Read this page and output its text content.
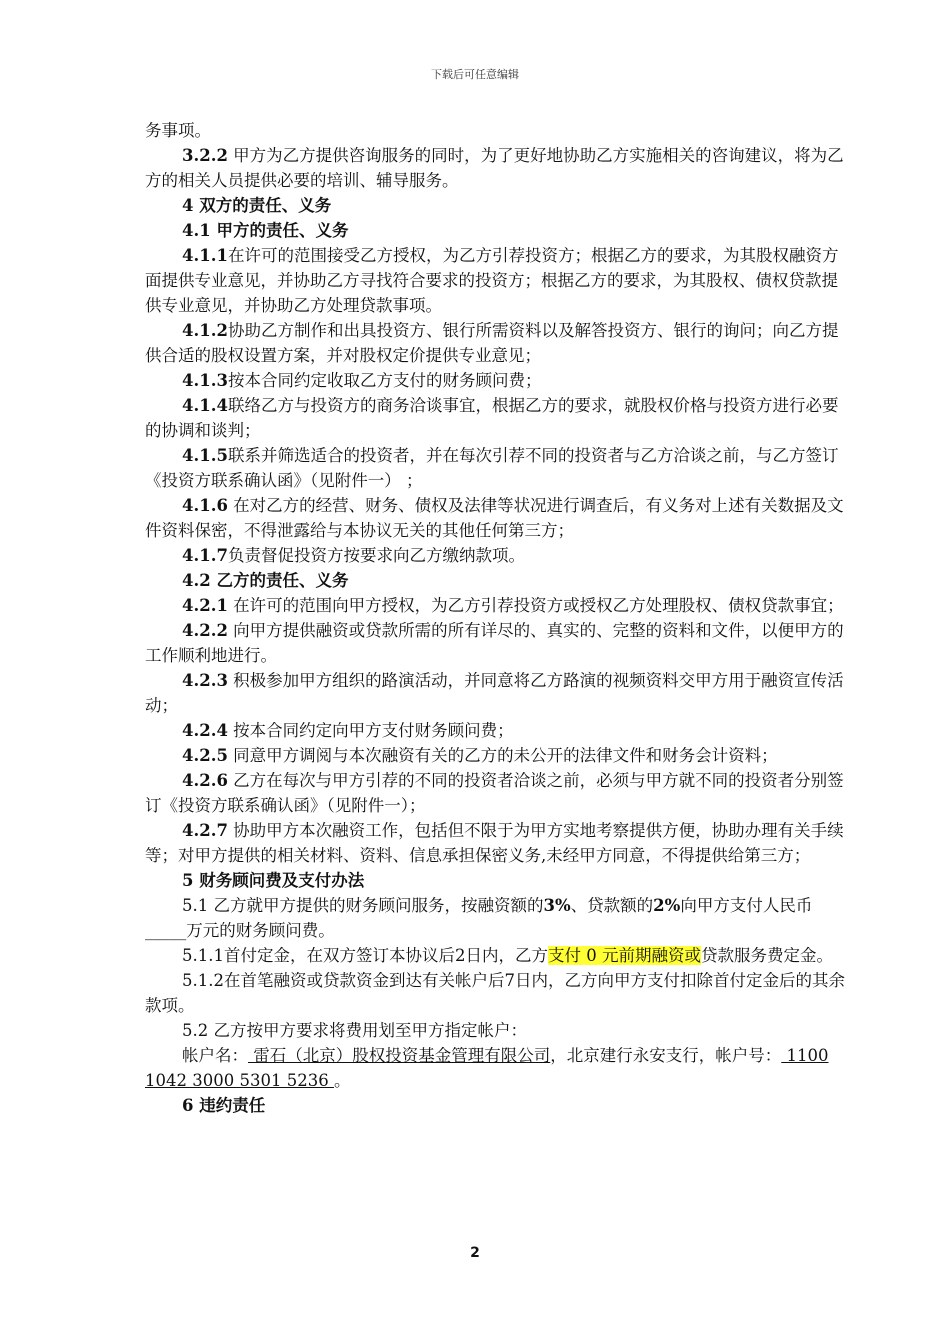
下载后可任意编辑

务事项。

3.2.2 甲方为乙方提供咨询服务的同时，为了更好地协助乙方实施相关的咨询建议，将为乙方的相关人员提供必要的培训、辅导服务。

4 双方的责任、义务

4.1 甲方的责任、义务

4.1.1在许可的范围接受乙方授权，为乙方引荐投资方；根据乙方的要求，为其股权融资方面提供专业意见，并协助乙方寻找符合要求的投资方；根据乙方的要求，为其股权、债权贷款提供专业意见，并协助乙方处理贷款事项。

4.1.2协助乙方制作和出具投资方、银行所需资料以及解答投资方、银行的询问；向乙方提供合适的股权设置方案，并对股权定价提供专业意见；

4.1.3按本合同约定收取乙方支付的财务顾问费；

4.1.4联络乙方与投资方的商务洽谈事宜，根据乙方的要求，就股权价格与投资方进行必要的协调和谈判；

4.1.5联系并筛选适合的投资者，并在每次引荐不同的投资者与乙方洽谈之前，与乙方签订《投资方联系确认函》（见附件一） ；

4.1.6 在对乙方的经营、财务、债权及法律等状况进行调查后，有义务对上述有关数据及文件资料保密，不得泄露给与本协议无关的其他任何第三方；

4.1.7负责督促投资方按要求向乙方缴纳款项。

4.2 乙方的责任、义务

4.2.1 在许可的范围向甲方授权，为乙方引荐投资方或授权乙方处理股权、债权贷款事宜；

4.2.2 向甲方提供融资或贷款所需的所有详尽的、真实的、完整的资料和文件，以便甲方的工作顺利地进行。

4.2.3 积极参加甲方组织的路演活动，并同意将乙方路演的视频资料交甲方用于融资宣传活动；

4.2.4 按本合同约定向甲方支付财务顾问费；

4.2.5 同意甲方调阅与本次融资有关的乙方的未公开的法律文件和财务会计资料；

4.2.6 乙方在每次与甲方引荐的不同的投资者洽谈之前，必须与甲方就不同的投资者分别签订《投资方联系确认函》（见附件一）；

4.2.7 协助甲方本次融资工作，包括但不限于为甲方实地考察提供方便，协助办理有关手续等；对甲方提供的相关材料、资料、信息承担保密义务,未经甲方同意，不得提供给第三方；

5 财务顾问费及支付办法

5.1 乙方就甲方提供的财务顾问服务，按融资额的3%、贷款额的2%向甲方支付人民币_____万元的财务顾问费。

5.1.1首付定金，在双方签订本协议后2日内，乙方支付 0 元前期融资或贷款服务费定金。

5.1.2在首笔融资或贷款资金到达有关帐户后7日内，乙方向甲方支付扣除首付定金后的其余款项。

5.2 乙方按甲方要求将费用划至甲方指定帐户：

帐户名： 雷石（北京）股权投资基金管理有限公司，北京建行永安支行，帐户号： 1100 1042 3000 5301 5236 。

6 违约责任

2
